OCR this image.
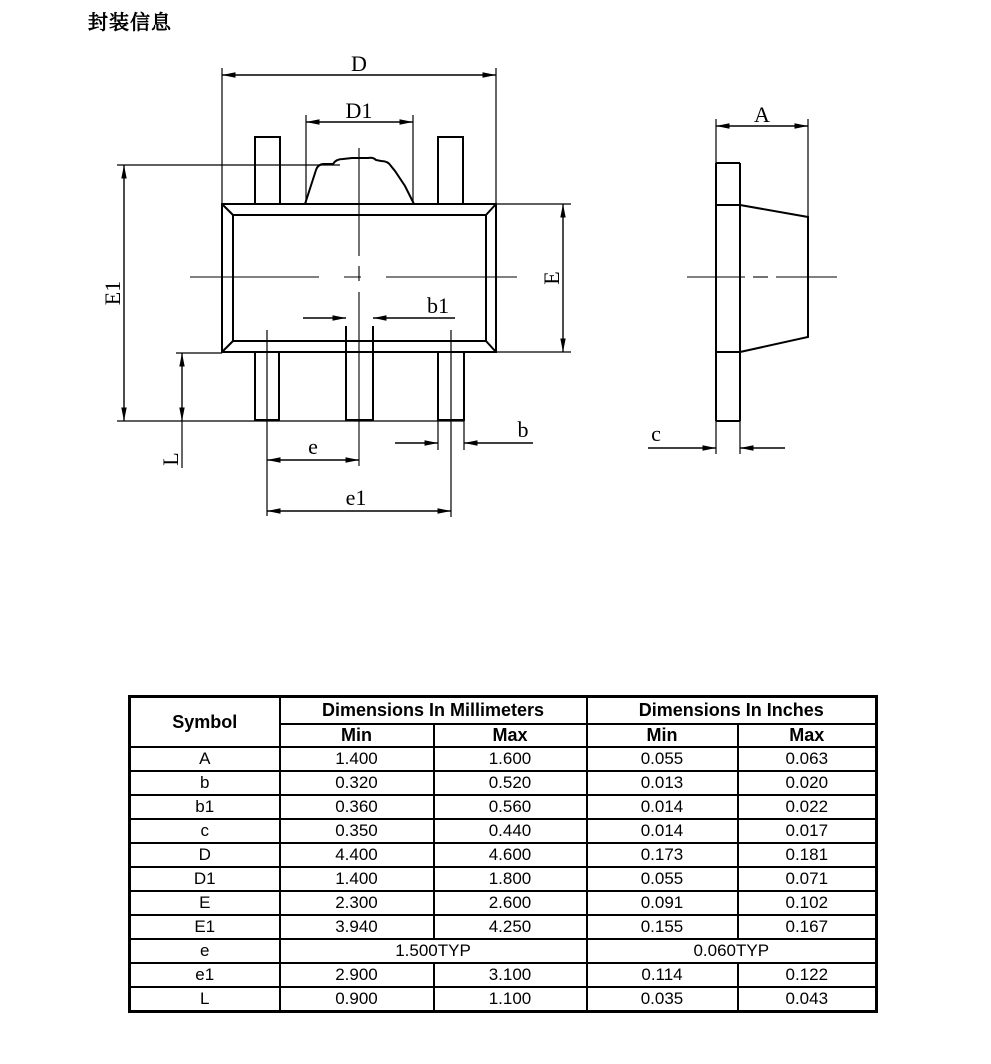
封装信息
D
D1
E1
E
L
b1
b
e
e1
A
c
Symbol	Dimensions In Millimeters		Dimensions In Inches	
	Min	Max	Min	Max
A	1.400	1.600	0.055	0.063
b	0.320	0.520	0.013	0.020
b1	0.360	0.560	0.014	0.022
c	0.350	0.440	0.014	0.017
D	4.400	4.600	0.173	0.181
D1	1.400	1.800	0.055	0.071
E	2.300	2.600	0.091	0.102
E1	3.940	4.250	0.155	0.167
e	1.500TYP		0.060TYP	
e1	2.900	3.100	0.114	0.122
L	0.900	1.100	0.035	0.043
